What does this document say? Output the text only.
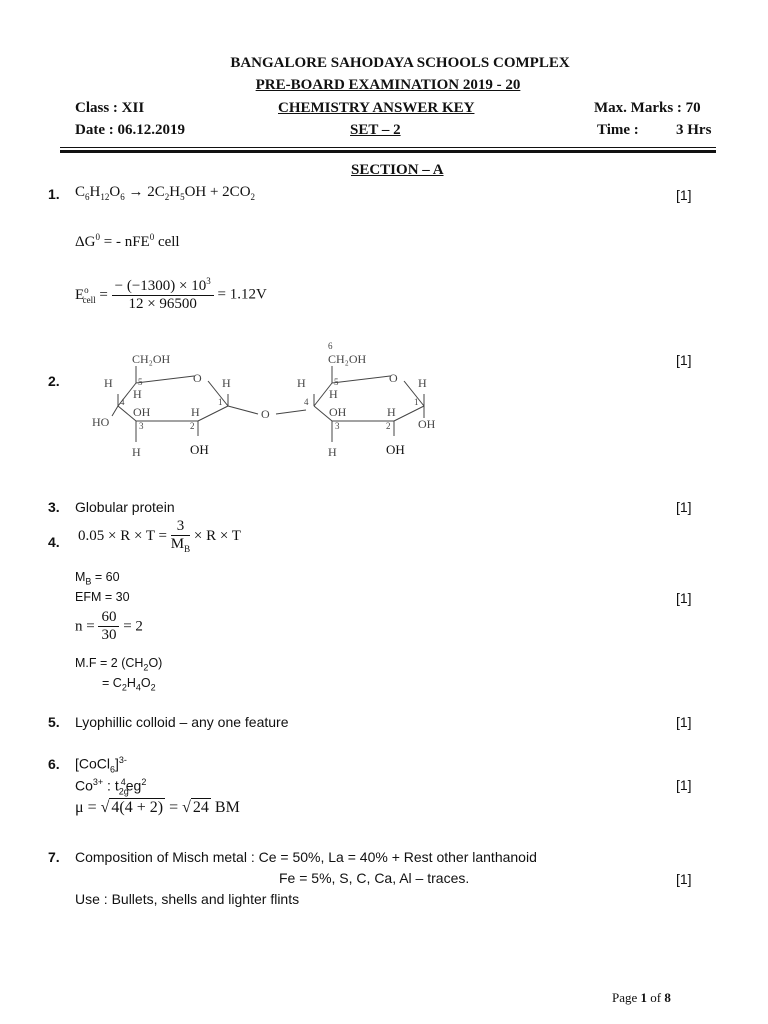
BANGALORE SAHODAYA SCHOOLS COMPLEX
PRE-BOARD EXAMINATION 2019 - 20
Class : XII	CHEMISTRY ANSWER KEY	Max. Marks : 70
Date : 06.12.2019	SET – 2	Time : 3 Hrs
SECTION – A
1. $C_6H_{12}O_6 \to 2C_2H_5OH + 2CO_2$	[1]
$\Delta G^0$ = - nFE$^0$ cell
$E^o_{cell} = \frac{- (-1300) \times 10^3}{12 \times 96500} = 1.12V$
2.
[1]
CH₂OH
O
H
H
H
OH	H
HO
H	OH
5
4
3	2
1
O
6
CH₂OH
O
H
H
H
OH	H
OH
H	OH
5
4
3	2
1
3. Globular protein	[1]
4. $0.05 \times R \times T = \frac{3}{M_B} \times R \times T$
$M_B = 60$
EFM = 30	[1]
$n = \frac{60}{30} = 2$
M.F = 2 $(CH_2O)$
= $C_2H_4O_2$
5. Lyophillic colloid – any one feature	[1]
6. [CoCl$_6$]$^{3-}$
$Co^{3+}$ : $t_{2g}^4eg^2$	[1]
μ = √ 4(4 + 2) = √ 24 BM
7. Composition of Misch metal : Ce = 50%, La = 40% + Rest other lanthanoid
Fe = 5%, S, C, Ca, Al – traces.	[1]
Use : Bullets, shells and lighter flints
Page 1 of 8
